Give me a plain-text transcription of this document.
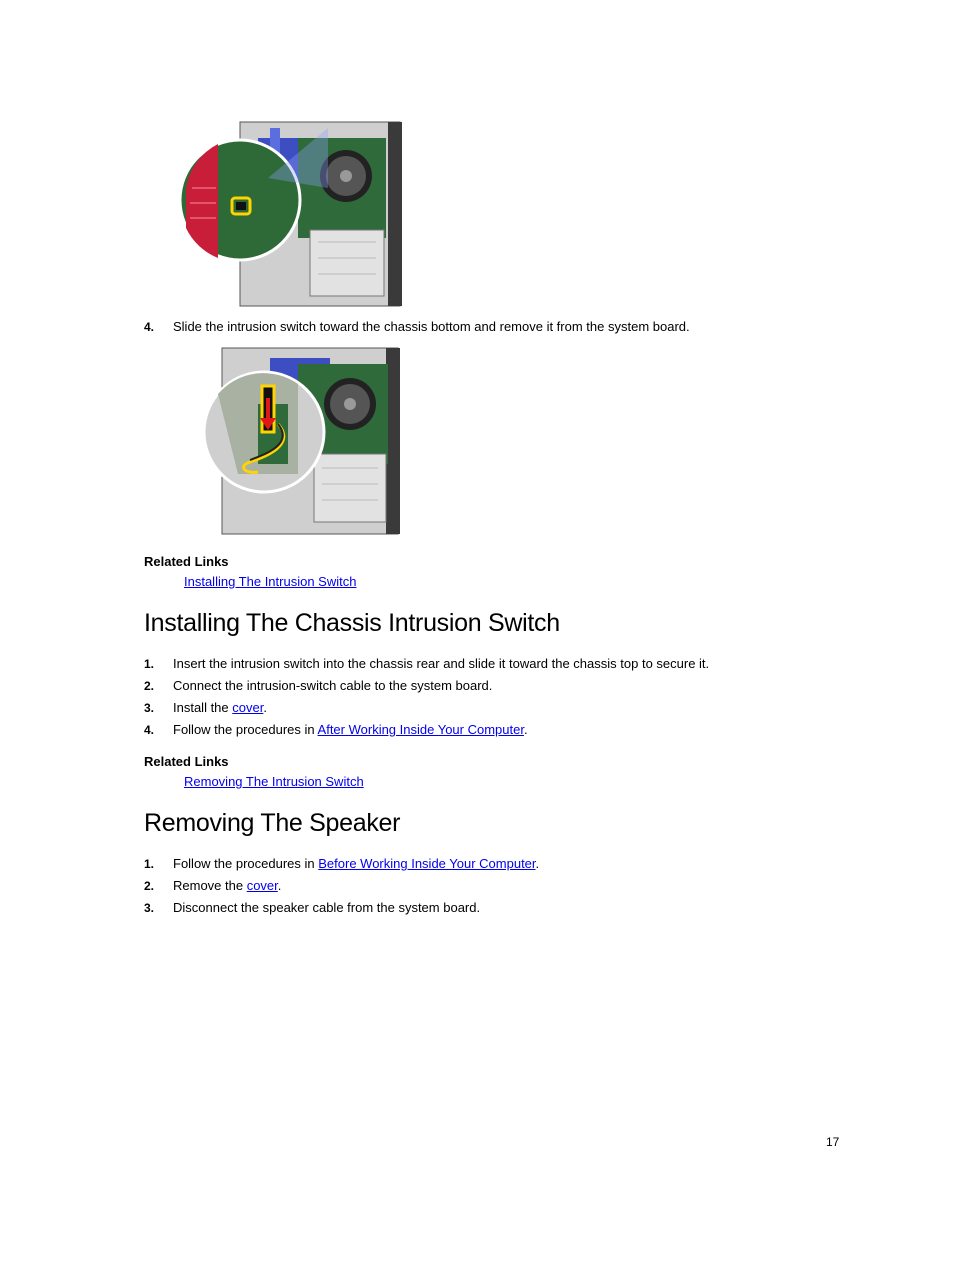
4. Slide the intrusion switch toward the chassis bottom and remove it from the system board.
Related Links
Installing The Intrusion Switch
Installing The Chassis Intrusion Switch
1. Insert the intrusion switch into the chassis rear and slide it toward the chassis top to secure it.
2. Connect the intrusion-switch cable to the system board.
3. Install the cover.
4. Follow the procedures in After Working Inside Your Computer.
Related Links
Removing The Intrusion Switch
Removing The Speaker
1. Follow the procedures in Before Working Inside Your Computer.
2. Remove the cover.
3. Disconnect the speaker cable from the system board.
17
